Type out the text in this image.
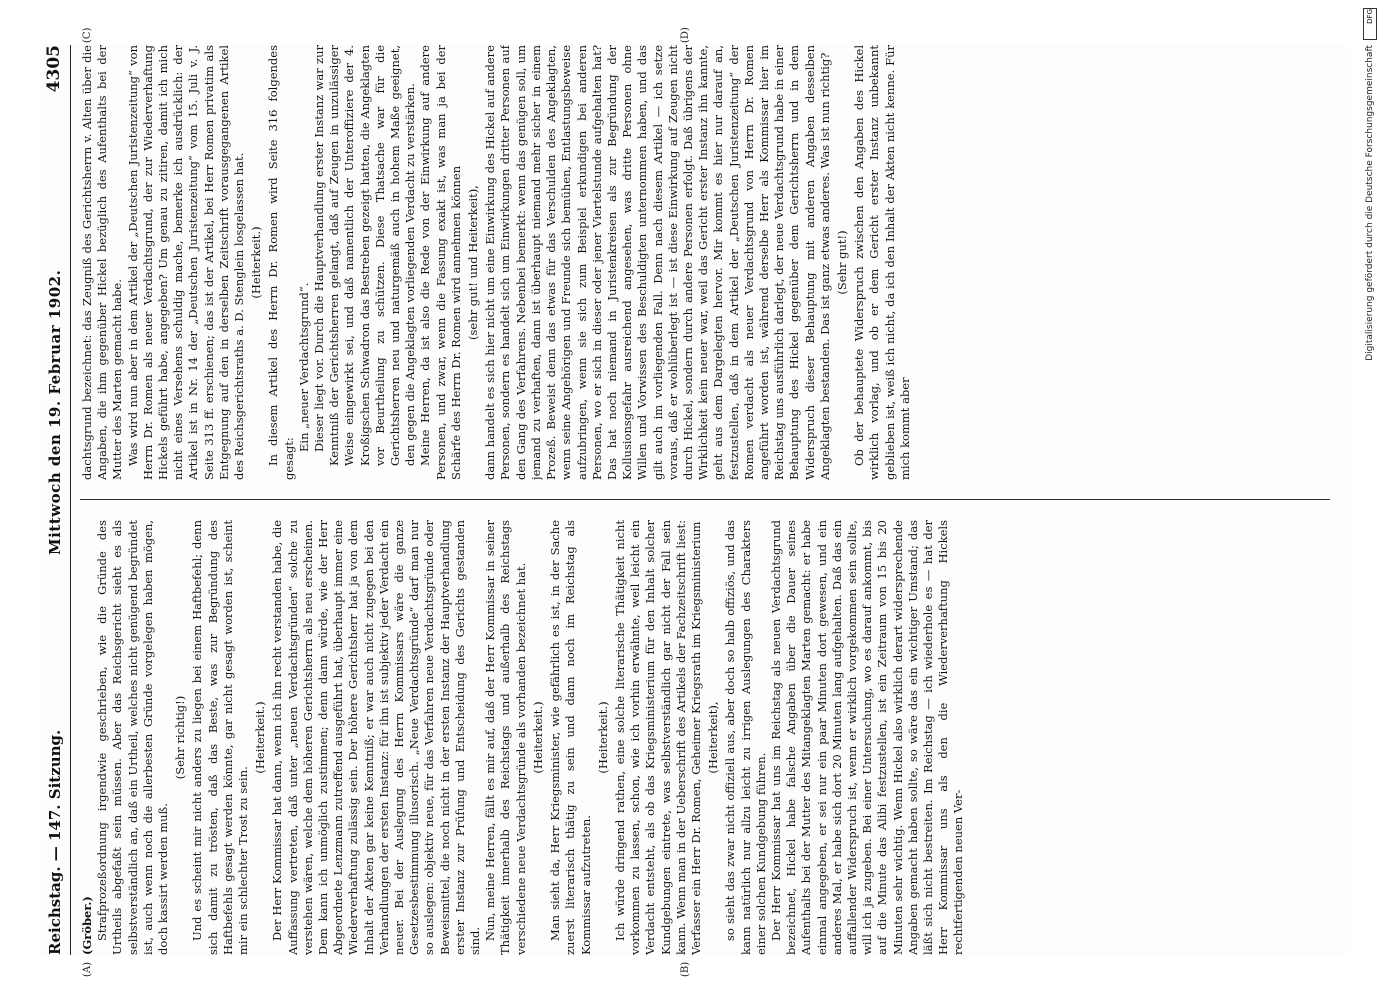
Reichstag. — 147. Sitzung.
Mittwoch den 19. Februar 1902.
4305

(Gröber.) Strafprozeßordnung irgendwie geschrieben, wie die Gründe des Urtheils abgefaßt sein müssen. Aber das Reichsgericht sieht es als selbstverständlich an, daß ein Urtheil, welches nicht genügend begründet ist, auch wenn noch die allerbesten Gründe vorgelegen haben mögen, doch kassirt werden muß.

(Sehr richtig!) Und es scheint mir nicht anders zu liegen bei einem Haftbefehl; denn sich damit zu trösten, daß das Beste, was zur Begründung des Haftbefehls gesagt werden könnte, gar nicht gesagt worden ist, scheint mir ein schlechter Trost zu sein.

(Heiterkeit.) Der Herr Kommissar hat dann, wenn ich ihn recht verstanden habe, die Auffassung vertreten, daß unter „neuen Verdachtsgründen“ solche zu verstehen wären, welche dem höheren Gerichtsherrn als neu erscheinen. Dem kann ich unmöglich zustimmen; denn dann würde, wie der Herr Abgeordnete Lenzmann zutreffend ausgeführt hat, überhaupt immer eine Wiederverhaftung zulässig sein. Der höhere Gerichtsherr hat ja von dem Inhalt der Akten gar keine Kenntniß; er war auch nicht zugegen bei den Verhandlungen der ersten Instanz: für ihn ist subjektiv jeder Verdacht ein neuer. Bei der Auslegung des Herrn Kommissars wäre die ganze Gesetzesbestimmung illusorisch. „Neue Verdachtsgründe“ darf man nur so auslegen: objektiv neue, für das Verfahren neue Verdachtsgründe oder Beweismittel, die noch nicht in der ersten Instanz der Hauptverhandlung erster Instanz zur Prüfung und Entscheidung des Gerichts gestanden sind. Nun, meine Herren, fällt es mir auf, daß der Herr Kommissar in seiner Thätigkeit innerhalb des Reichstags und außerhalb des Reichstags verschiedene neue Verdachtsgründe als vorhanden bezeichnet hat. (Heiterkeit.) Man sieht da, Herr Kriegsminister, wie gefährlich es ist, in der Sache zuerst literarisch thätig zu sein und dann noch im Reichstag als Kommissar aufzutreten.

(Heiterkeit.) Ich würde dringend rathen, eine solche literarische Thätigkeit nicht vorkommen zu lassen, schon, wie ich vorhin erwähnte, weil leicht ein Verdacht entsteht, als ob das Kriegsministerium für den Inhalt solcher Kundgebungen eintrete, was selbstverständlich gar nicht der Fall sein kann. Wenn man in der Ueberschrift des Artikels der Fachzeitschrift liest: Verfasser ein Herr Dr. Romen, Geheimer Kriegsrath im Kriegsministerium (Heiterkeit), so sieht das zwar nicht offiziell aus, aber doch so halb offiziös, und das kann natürlich nur allzu leicht zu irrigen Auslegungen des Charakters einer solchen Kundgebung führen. Der Herr Kommissar hat uns im Reichstag als neuen Verdachtsgrund bezeichnet, Hickel habe falsche Angaben über die Dauer seines Aufenthalts bei der Mutter des Mitangeklagten Marten gemacht: er habe einmal angegeben, er sei nur ein paar Minuten dort gewesen, und ein anderes Mal, er habe sich dort 20 Minuten lang aufgehalten. Daß das ein auffallender Widerspruch ist, wenn er wirklich vorgekommen sein sollte, will ich ja zugeben. Bei einer Untersuchung, wo es darauf ankommt, bis auf die Minute das Alibi festzustellen, ist ein Zeitraum von 15 bis 20 Minuten sehr wichtig. Wenn Hickel also wirklich derart widersprechende Angaben gemacht haben sollte, so wäre das ein wichtiger Umstand; das läßt sich nicht bestreiten. Im Reichstag — ich wiederhole es — hat der Herr Kommissar uns als den die Wiederverhaftung Hickels rechtfertigenden neuen Ver-

dachtsgrund bezeichnet: das Zeugniß des Gerichtsherrn v. Alten über die Angaben, die ihm gegenüber Hickel bezüglich des Aufenthalts bei der Mutter des Marten gemacht habe. Was wird nun aber in dem Artikel der „Deutschen Juristenzeitung“ von Herrn Dr. Romen als neuer Verdachtsgrund, der zur Wiederverhaftung Hickels geführt habe, angegeben? Um genau zu zitiren, damit ich mich nicht eines Versehens schuldig mache, bemerke ich ausdrücklich: der Artikel ist in Nr. 14 der „Deutschen Juristenzeitung“ vom 15. Juli v. J. Seite 313 ff. erschienen; das ist der Artikel, bei Herr Romen privatim als Entgegnung auf den in derselben Zeitschrift vorausgegangenen Artikel des Reichsgerichtsraths a. D. Stenglein losgelassen hat. (Heiterkeit.) In diesem Artikel des Herrn Dr. Romen wird Seite 316 folgendes gesagt:

Ein „neuer Verdachtsgrund“. Dieser liegt vor. Durch die Hauptverhandlung erster Instanz war zur Kenntniß der Gerichtsherren gelangt, daß auf Zeugen in unzulässiger Weise eingewirkt sei, und daß namentlich der Unteroffiziere der 4. Kroßigschen Schwadron das Bestreben gezeigt hatten, die Angeklagten vor Beurtheilung zu schützen. Diese Thatsache war für die Gerichtsherren neu und naturgemäß auch in hohem Maße geeignet, den gegen die Angeklagten vorliegenden Verdacht zu verstärken. Meine Herren, da ist also die Rede von der Einwirkung auf andere Personen, und zwar, wenn die Fassung exakt ist, was man ja bei der Schärfe des Herrn Dr. Romen wird annehmen können (sehr gut! und Heiterkeit), dann handelt es sich hier nicht um eine Einwirkung des Hickel auf andere Personen, sondern es handelt sich um Einwirkungen dritter Personen auf den Gang des Verfahrens. Nebenbei bemerkt: wenn das genügen soll, um jemand zu verhaften, dann ist überhaupt niemand mehr sicher in einem Prozeß. Beweist denn das etwas für das Verschulden des Angeklagten, wenn seine Angehörigen und Freunde sich bemühen, Entlastungsbeweise aufzubringen, wenn sie sich zum Beispiel erkundigen bei anderen Personen, wo er sich in dieser oder jener Viertelstunde aufgehalten hat? Das hat noch niemand in Juristenkreisen als zur Begründung der Kollusionsgefahr ausreichend angesehen, was dritte Personen ohne Willen und Vorwissen des Beschuldigten unternommen haben, und das gilt auch im vorliegenden Fall. Denn nach diesem Artikel — ich setze voraus, daß er wohlüberlegt ist — ist diese Einwirkung auf Zeugen nicht durch Hickel, sondern durch andere Personen erfolgt. Daß übrigens der Wirklichkeit kein neuer war, weil das Gericht erster Instanz ihn kannte, geht aus dem Dargelegten hervor. Mir kommt es hier nur darauf an, festzustellen, daß in dem Artikel der „Deutschen Juristenzeitung“ der Romen verdacht als neuer Verdachtsgrund von Herrn Dr. Romen angeführt worden ist, während derselbe Herr als Kommissar hier im Reichstag uns ausführlich darlegt, der neue Verdachtsgrund habe in einer Behauptung des Hickel gegenüber dem Gerichtsherrn und in dem Widerspruch dieser Behauptung mit anderen Angaben desselben Angeklagten bestanden. Das ist ganz etwas anderes. Was ist nun richtig? (Sehr gut!) Ob der behauptete Widerspruch zwischen den Angaben des Hickel wirklich vorlag, und ob er dem Gericht erster Instanz unbekannt geblieben ist, weiß ich nicht, da ich den Inhalt der Akten nicht kenne. Für mich kommt aber

(A)	(B)
(C)	(D)
DFG
Digitalisierung gefördert durch die Deutsche Forschungsgemeinschaft
